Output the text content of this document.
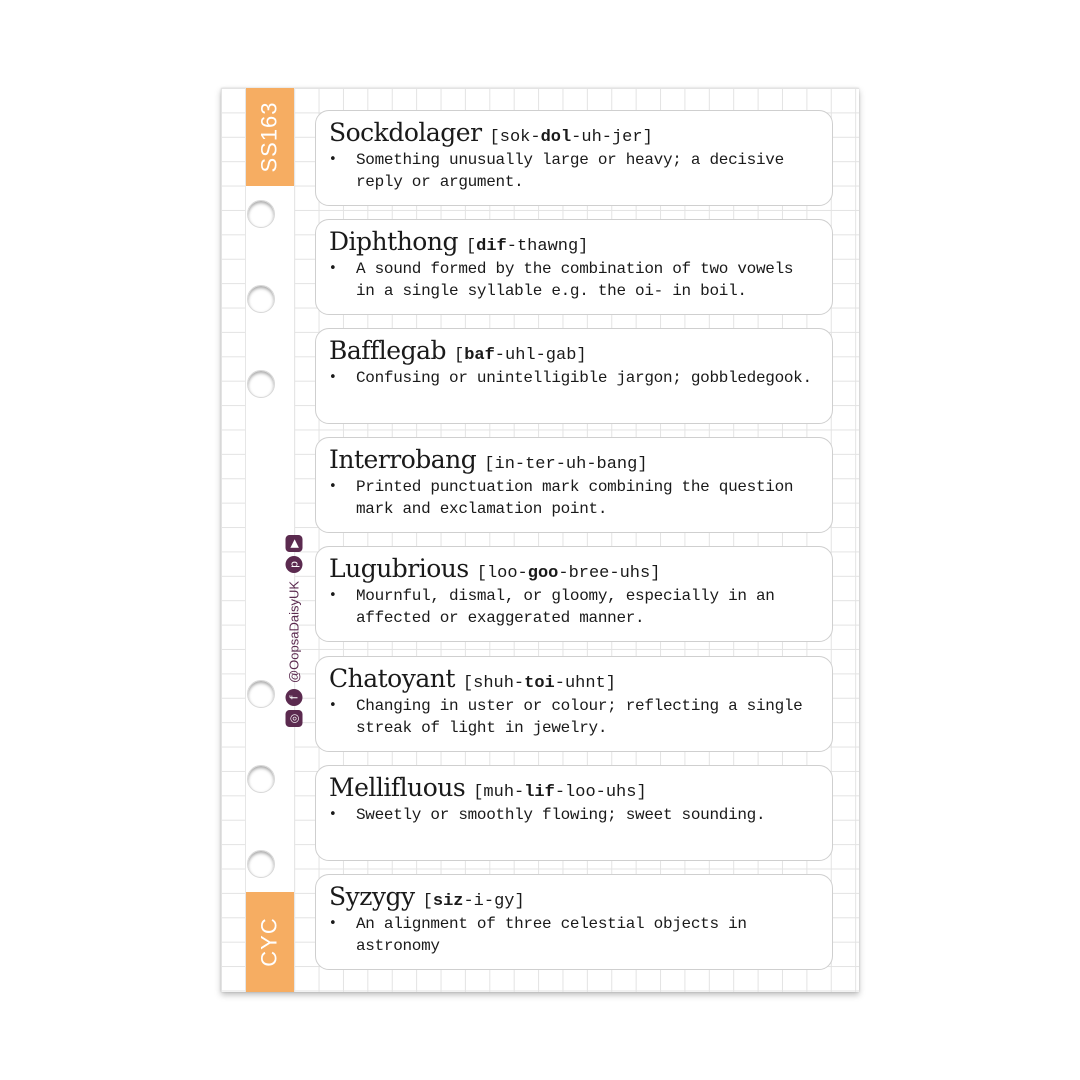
SS163
CYC
◎
f
@OopsaDaisyUK
p
▶
Sockdolager [sok-dol-uh-jer]
• Something unusually large or heavy; a decisive reply or argument.
Diphthong [dif-thawng]
• A sound formed by the combination of two vowels in a single syllable e.g. the oi- in boil.
Bafflegab [baf-uhl-gab]
• Confusing or unintelligible jargon; gobbledegook.
Interrobang [in-ter-uh-bang]
• Printed punctuation mark combining the question mark and exclamation point.
Lugubrious [loo-goo-bree-uhs]
• Mournful, dismal, or gloomy, especially in an affected or exaggerated manner.
Chatoyant [shuh-toi-uhnt]
• Changing in uster or colour; reflecting a single streak of light in jewelry.
Mellifluous [muh-lif-loo-uhs]
• Sweetly or smoothly flowing; sweet sounding.
Syzygy [siz-i-gy]
• An alignment of three celestial objects in astronomy
